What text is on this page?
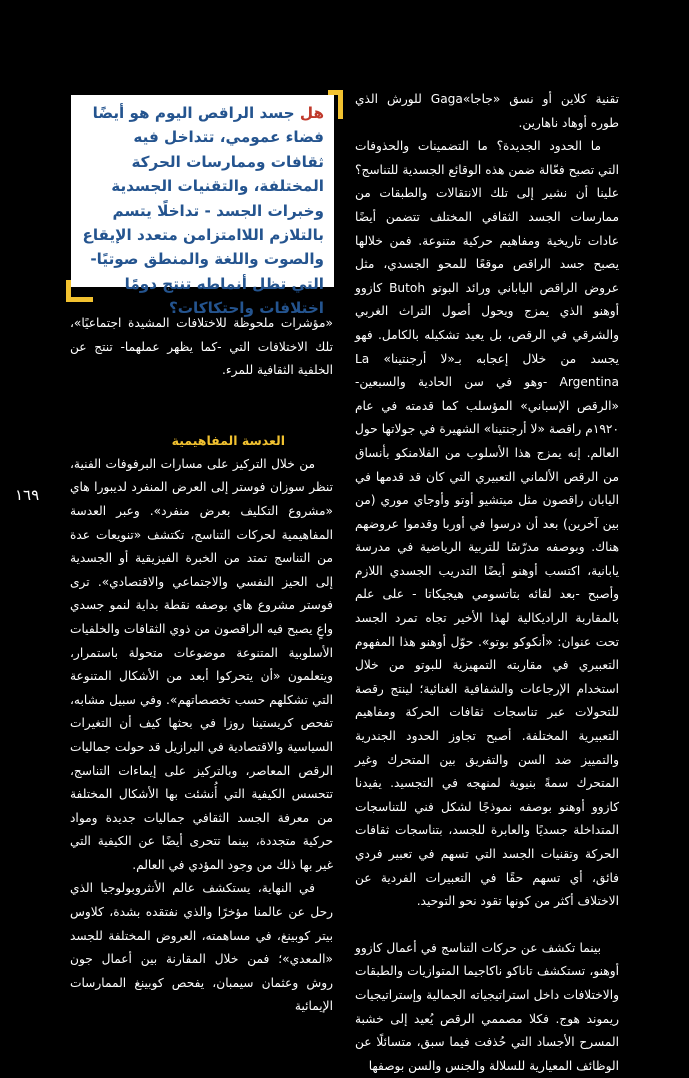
هل جسد الراقص اليوم هو أيضًا فضاء عمومي، تتداخل فيه ثقافات وممارسات الحركة المختلفة، والتقنيات الجسدية وخبرات الجسد - تداخلًا يتسم بالتلازم اللاامتزامن متعدد الإيقاع والصوت واللغة والمنطق صوتيًا- التي تظل أنماطه تنتج دومًا اختلافات واحتكاكات؟

تقنية كلاين أو نسق «جاجا»Gaga للورش الذي طوره أوهاد ناهارين.

ما الحدود الجديدة؟ ما التضمينات والحذوفات التي تصبح فعّالة ضمن هذه الوقائع الجسدية للتناسج؟ علينا أن نشير إلى تلك الانتقالات والطبقات من ممارسات الجسد الثقافي المختلف تتضمن أيضًا عادات تاريخية ومفاهيم حركية متنوعة. فمن خلالها يصبح جسد الراقص موقعًا للمحو الجسدي، مثل عروض الراقص الياباني ورائد البوتو Butoh كازوو أوهنو الذي يمزج ويحول أصول التراث الغربي والشرقي في الرقص، بل يعيد تشكيله بالكامل. فهو يجسد من خلال إعجابه بـ«لا أرجنتينا» La Argentina -وهو في سن الحادية والسبعين- «الرقص الإسباني» المؤسلب كما قدمته في عام ١٩٢٠م راقصة «لا أرجنتينا» الشهيرة في جولاتها حول العالم. إنه يمزج هذا الأسلوب من الفلامنكو بأنساق من الرقص الألماني التعبيري التي كان قد قدمها في اليابان راقصون مثل ميتشيو أوتو وأوجاي موري (من بين آخرين) بعد أن درسوا في أوربا وقدموا عروضهم هناك. وبوصفه مدرّسًا للتربية الرياضية في مدرسة يابانية، اكتسب أوهنو أيضًا التدريب الجسدي اللازم وأصبح -بعد لقائه بتاتسومي هيجيكاتا - على علم بالمقاربة الراديكالية لهذا الأخير تجاه تمرد الجسد تحت عنوان: «أنكوكو بوتو». حوّل أوهنو هذا المفهوم التعبيري في مقاربته التمهيزية للبوتو من خلال استخدام الإرجاعات والشفافية الغنائية؛ لينتج رقصة للتحولات عبر تناسجات ثقافات الحركة ومفاهيم التعبيرية المختلفة. أصبح تجاوز الحدود الجندرية والتمييز ضد السن والتفريق بين المتحرك وغير المتحرك سمةً بنيوية لمنهجه في التجسيد. يفيدنا كازوو أوهنو بوصفه نموذجًا لشكل فني للتناسجات المتداخلة جسديًا والعابرة للجسد، بتناسجات ثقافات الحركة وتقنيات الجسد التي تسهم في تعبير فردي فائق، أي تسهم حقًا في التعبيرات الفردية عن الاختلاف أكثر من كونها تقود نحو التوحيد.

بينما تكشف عن حركات التناسج في أعمال كازوو أوهنو، تستكشف تاناكو ناكاجيما المتوازيات والطبقات والاختلافات داخل استراتيجياته الجمالية وإستراتيجيات ريموند هوج. فكلا مصممي الرقص يُعيد إلى خشبة المسرح الأجساد التي حُذفت فيما سبق، متسائلًا عن الوظائف المعيارية للسلالة والجنس والسن بوصفها

«مؤشرات ملحوظة للاختلافات المشيدة اجتماعيًا»، تلك الاختلافات التي -كما يظهر عملهما- تنتج عن الخلفية الثقافية للمرء.

العدسة المفاهيمية

من خلال التركيز على مسارات البرفوفات الفنية، تنظر سوزان فوستر إلى العرض المنفرد لديبورا هاي «مشروع التكليف بعرض منفرد». وعبر العدسة المفاهيمية لحركات التناسج، تكتشف «تنويعات عدة من التناسج تمتد من الخبرة الفيزيقية أو الجسدية إلى الحيز النفسي والاجتماعي والاقتصادي». ترى فوستر مشروع هاي بوصفه نقطة بداية لنمو جسدي واعٍ يصبح فيه الراقصون من ذوي الثقافات والخلفيات الأسلوبية المتنوعة موضوعات متحولة باستمرار، ويتعلمون «أن يتحركوا أبعد من الأشكال المتنوعة التي تشكلهم حسب تخصصاتهم». وفي سبيل مشابه، تفحص كريستينا روزا في بحثها كيف أن التغيرات السياسية والاقتصادية في البرازيل قد حولت جماليات الرقص المعاصر، وبالتركيز على إيماءات التناسج، تتحسس الكيفية التي أُنشئت بها الأشكال المختلفة من معرفة الجسد الثقافي جماليات جديدة ومواد حركية متجددة، بينما تتحرى أيضًا عن الكيفية التي غير بها ذلك من وجود المؤدي في العالم.

في النهاية، يستكشف عالم الأنثروبولوجيا الذي رحل عن عالمنا مؤخرًا والذي نفتقده بشدة، كلاوس بيتر كوبينغ، في مساهمته، العروض المختلفة للجسد «المعدي»؛ فمن خلال المقارنة بين أعمال جون روش وعثمان سيمبان، يفحص كوبينغ الممارسات الإيمائية

١٦٩
